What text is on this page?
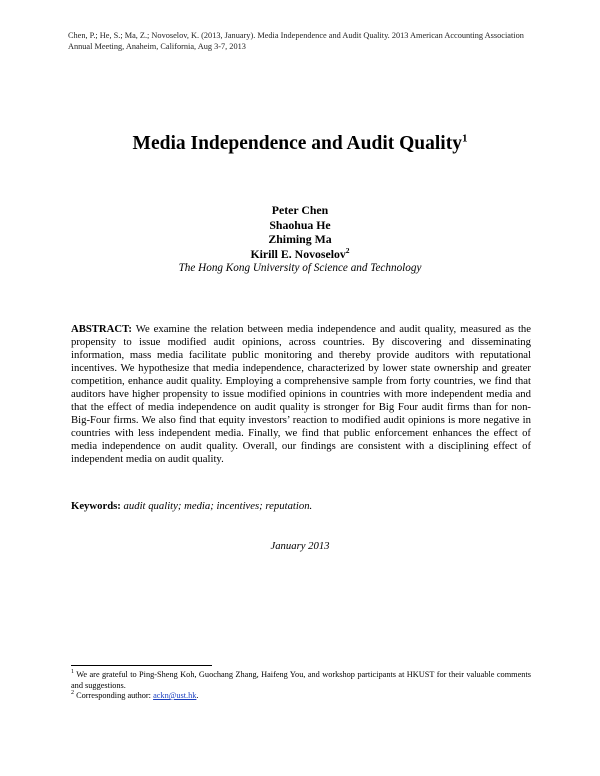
Chen, P.; He, S.; Ma, Z.; Novoselov, K. (2013, January). Media Independence and Audit Quality. 2013 American Accounting Association Annual Meeting, Anaheim, California, Aug 3-7, 2013
Media Independence and Audit Quality$^1$
Peter Chen
Shaohua He
Zhiming Ma
Kirill E. Novoselov$^2$
The Hong Kong University of Science and Technology
ABSTRACT: We examine the relation between media independence and audit quality, measured as the propensity to issue modified audit opinions, across countries. By discovering and disseminating information, mass media facilitate public monitoring and thereby provide auditors with reputational incentives. We hypothesize that media independence, characterized by lower state ownership and greater competition, enhance audit quality. Employing a comprehensive sample from forty countries, we find that auditors have higher propensity to issue modified opinions in countries with more independent media and that the effect of media independence on audit quality is stronger for Big Four audit firms than for non-Big-Four firms. We also find that equity investors’ reaction to modified audit opinions is more negative in countries with less independent media. Finally, we find that public enforcement enhances the effect of media independence on audit quality. Overall, our findings are consistent with a disciplining effect of independent media on audit quality.
Keywords: audit quality; media; incentives; reputation.
January 2013
$^1$ We are grateful to Ping-Sheng Koh, Guochang Zhang, Haifeng You, and workshop participants at HKUST for their valuable comments and suggestions.
$^2$ Corresponding author: ackn@ust.hk.
